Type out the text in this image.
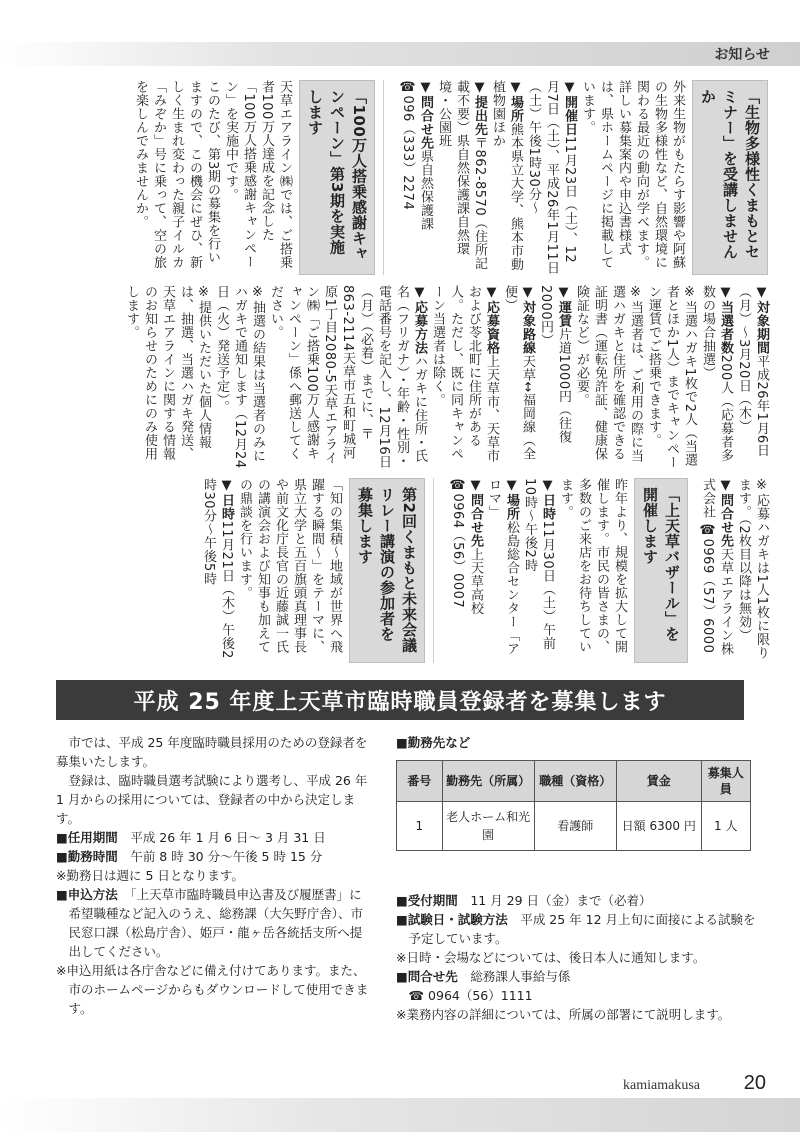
お知らせ
「生物多様性くまもとセミナー」を受講しませんか

外来生物がもたらす影響や阿蘇の生物多様性など、自然環境に関わる最近の動向が学べます。詳しい募集案内や申込書様式は、県ホームページに掲載しています。

▼開催日11月23日（土）、12月7日（土）、平成26年1月11日（土）午後1時30分～

▼場所熊本県立大学、熊本市動植物園ほか

▼提出先〒862-8570（住所記載不要）県自然保護課自然環境・公園班

▼問合せ先県自然保護課 ☎096（333）2274

「100万人搭乗感謝キャンペーン」第3期を実施します

天草エアライン㈱では、ご搭乗者100万人達成を記念した「100万人搭乗感謝キャンペーン」を実施中です。

このたび、第3期の募集を行いますので、この機会にぜひ、新しく生まれ変わった親子イルカ「みぞか」号に乗って、空の旅を楽しんでみませんか。

▼対象期間平成26年1月6日（月）～3月20日（木）

▼当選者数200人（応募者多数の場合抽選）

※当選ハガキ1枚で2人（当選者とほか1人）までキャンペーン運賃でご搭乗できます。

※当選者は、ご利用の際に当選ハガキと住所を確認できる証明書（運転免許証、健康保険証など）が必要。

▼運賃片道1000円（往復2000円）

▼対象路線天草↔福岡線（全便）

▼応募資格上天草市、天草市および苓北町に住所がある人。ただし、既に同キャンペーン当選者は除く。

▼応募方法ハガキに住所・氏名（フリガナ）・年齢・性別・電話番号を記入し、12月16日（月）（必着）までに、〒863-2114天草市五和町城河原1丁目2080-5天草エアライン㈱「ご搭乗100万人感謝キャンペーン」係へ郵送してください。

※抽選の結果は当選者のみにハガキで通知します（12月24日（火）発送予定）。

※提供いただいた個人情報は、抽選、当選ハガキ発送、天草エアラインに関する情報のお知らせのためにのみ使用します。

※応募ハガキは1人1枚に限ります。（2枚目以降は無効）

▼問合せ先天草エアライン株式会社 ☎0969（57）6000

「上天草バザール」を開催します

昨年より、規模を拡大して開催します。市民の皆さまの、多数のご来店をお待ちしています。

▼日時11月30日（土）午前10時～午後2時

▼場所松島総合センター「アロマ」

▼問合せ先上天草高校 ☎0964（56）0007

第2回くまもと未来会議リレー講演の参加者を募集します

「知の集積～地域が世界へ飛躍する瞬間～」をテーマに、県立大学と五百旗頭真理事長や前文化庁長官の近藤誠一氏の講演会および知事も加えての鼎談を行います。

▼日時11月21日（木）午後2時30分～午後5時

平成 25 年度上天草市臨時職員登録者を募集します

市では、平成 25 年度臨時職員採用のための登録者を募集いたします。

登録は、臨時職員選考試験により選考し、平成 26 年 1 月からの採用については、登録者の中から決定します。

■任用期間　 平成 26 年 1 月 6 日～ 3 月 31 日

■勤務時間　 午前 8 時 30 分～午後 5 時 15 分

※勤務日は週に 5 日となります。

■申込方法　 「上天草市臨時職員申込書及び履歴書」に希望職種など記入のうえ、総務課（大矢野庁舎）、市民窓口課（松島庁舎）、姫戸・龍ヶ岳各統括支所へ提出してください。

※申込用紙は各庁舎などに備え付けてあります。また、市のホームページからもダウンロードして使用できます。

■勤務先など

番号	勤務先（所属）	職種（資格）	賃金	募集人員
1	老人ホーム和光園	看護師	日額 6300 円	1 人

■受付期間　 11 月 29 日（金）まで（必着）

■試験日・試験方法　 平成 25 年 12 月上旬に面接による試験を予定しています。

※日時・会場などについては、後日本人に通知します。

■問合せ先　 総務課人事給与係

☎ 0964（56）1111

※業務内容の詳細については、所属の部署にて説明します。

kamiamakusa 20
